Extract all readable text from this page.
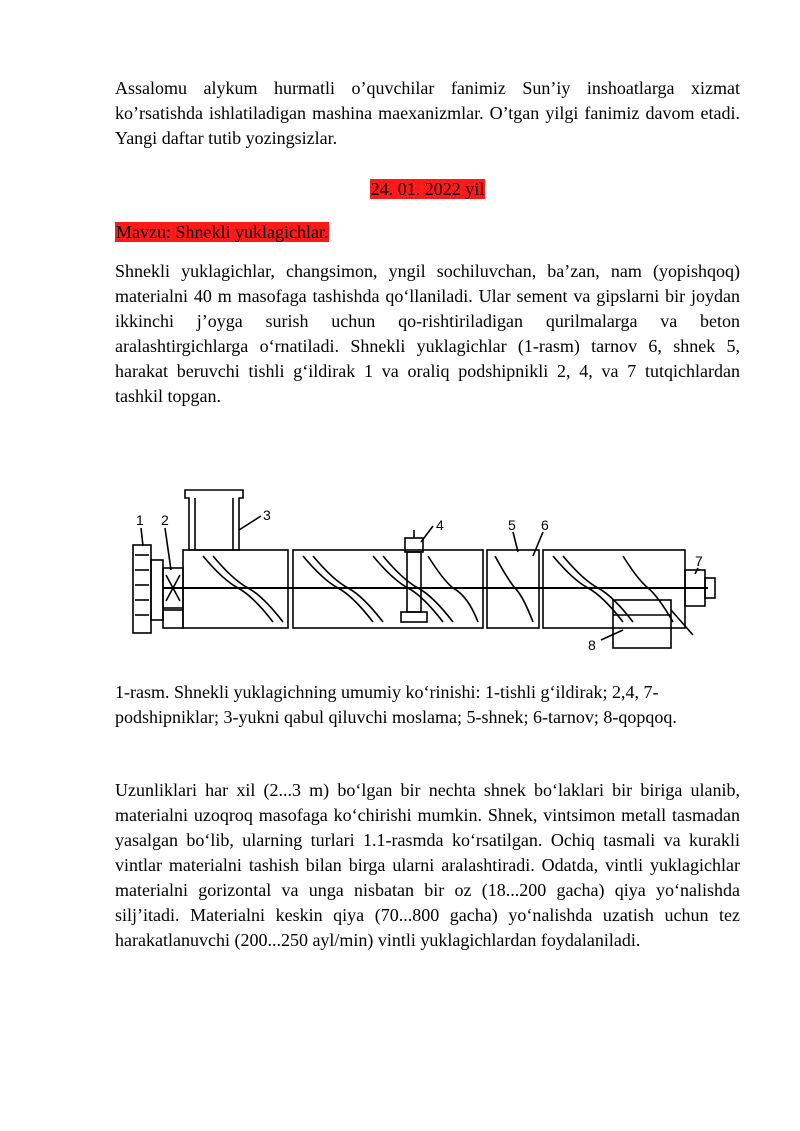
Assalomu alykum hurmatli o’quvchilar fanimiz Sun’iy inshoatlarga xizmat ko’rsatishda ishlatiladigan mashina maexanizmlar. O’tgan yilgi fanimiz davom etadi. Yangi daftar tutib yozingsizlar.

24. 01. 2022 yil

Mavzu: Shnekli yuklagichlar.

Shnekli yuklagichlar, changsimon, yngil sochiluvchan, ba’zan, nam (yopishqoq) materialni 40 m masofaga tashishda qo‘llaniladi. Ular sement va gipslarni bir joydan ikkinchi j’oyga surish uchun qo-rishtiriladigan qurilmalarga va beton aralashtirgichlarga o‘rnatiladi. Shnekli yuklagichlar (1-rasm) tarnov 6, shnek 5, harakat beruvchi tishli g‘ildirak 1 va oraliq podshipnikli 2, 4, va 7 tutqichlardan tashkil topgan.

1 2	3
4	5 6
7
8

1-rasm. Shnekli yuklagichning umumiy ko‘rinishi: 1-tishli g‘ildirak; 2,4, 7-podshipniklar; 3-yukni qabul qiluvchi moslama; 5-shnek; 6-tarnov; 8-qopqoq.

Uzunliklari har xil (2...3 m) bo‘lgan bir nechta shnek bo‘laklari bir biriga ulanib, materialni uzoqroq masofaga ko‘chirishi mumkin. Shnek, vintsimon metall tasmadan yasalgan bo‘lib, ularning turlari 1.1-rasmda ko‘rsatilgan. Ochiq tasmali va kurakli vintlar materialni tashish bilan birga ularni aralashtiradi. Odatda, vintli yuklagichlar materialni gorizontal va unga nisbatan bir oz (18...200 gacha) qiya yo‘nalishda silj’itadi. Materialni keskin qiya (70...800 gacha) yo‘nalishda uzatish uchun tez harakatlanuvchi (200...250 ayl/min) vintli yuklagichlardan foydalaniladi.
